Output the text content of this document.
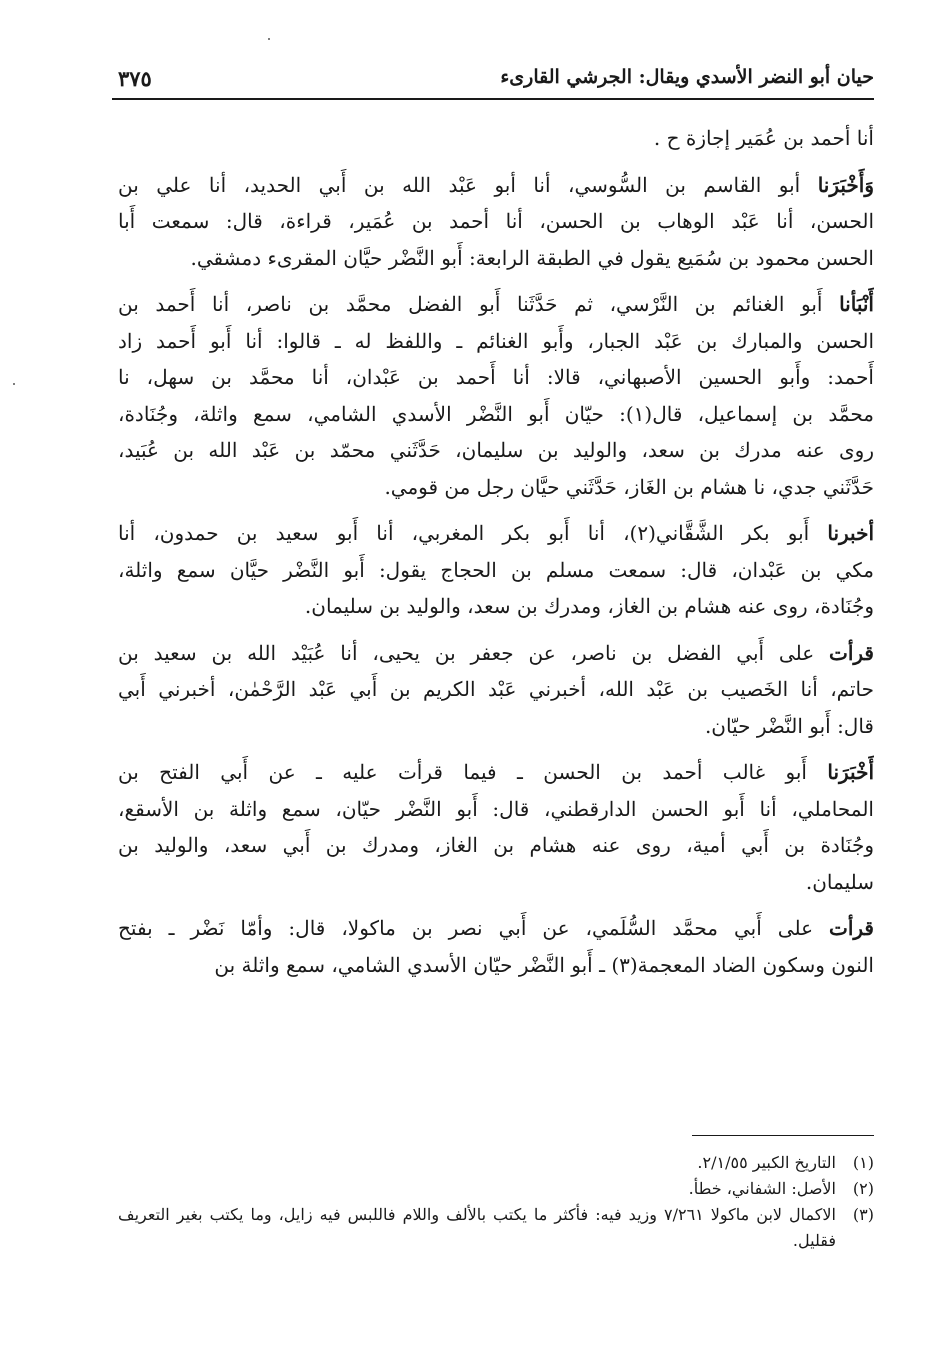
حيان أبو النضر الأسدي ويقال: الجرشي القارىء
٣٧٥
أنا أحمد بن عُمَير إجازة ح .
وَأَخْبَرَنا أبو القاسم بن السُّوسي، أنا أبو عَبْد الله بن أَبي الحديد، أنا علي بن
الحسن، أنا عَبْد الوهاب بن الحسن، أنا أحمد بن عُمَير، قراءة، قال: سمعت أَبا
الحسن محمود بن سُمَيع يقول في الطبقة الرابعة: أَبو النَّضْر حيَّان المقرىء دمشقي.
أَنْبَأنا أَبو الغنائم بن النَّرْسي، ثم حَدَّثَنا أَبو الفضل محمَّد بن ناصر، أنا أَحمد بن
الحسن والمبارك بن عَبْد الجبار، وأَبو الغنائم ـ واللفظ له ـ قالوا: أنا أَبو أَحمد زاد
أَحمد: وأَبو الحسين الأصبهاني، قالا: أنا أَحمد بن عَبْدان، أنا محمَّد بن سهل، نا
محمَّد بن إسماعيل، قال(١): حيّان أَبو النَّضْر الأسدي الشامي، سمع واثلة، وجُنَادة،
روى عنه مدرك بن سعد، والوليد بن سليمان، حَدَّثَني محمّد بن عَبْد الله بن عُبَيد،
حَدَّثَني جدي، نا هشام بن الغَاز، حَدَّثَني حيَّان رجل من قومي.
أخبرنا أَبو بكر الشَّقَّاني(٢)، أنا أَبو بكر المغربي، أنا أَبو سعيد بن حمدون، أنا
مكي بن عَبْدان، قال: سمعت مسلم بن الحجاج يقول: أَبو النَّضْر حيَّان سمع واثلة،
وجُنَادة، روى عنه هشام بن الغاز، ومدرك بن سعد، والوليد بن سليمان.
قرأت على أَبي الفضل بن ناصر، عن جعفر بن يحيى، أنا عُبَيْد الله بن سعيد بن
حاتم، أنا الخَصيب بن عَبْد الله، أخبرني عَبْد الكريم بن أَبي عَبْد الرَّحْمٰن، أخبرني أَبي
قال: أَبو النَّضْر حيّان.
أَخْبَرَنا أَبو غالب أحمد بن الحسن ـ فيما قرأت عليه ـ عن أَبي الفتح بن
المحاملي، أنا أَبو الحسن الدارقطني، قال: أَبو النَّضْر حيّان، سمع واثلة بن الأسقع،
وجُنَادة بن أَبي أمية، روى عنه هشام بن الغاز، ومدرك بن أَبي سعد، والوليد بن
سليمان.
قرأت على أَبي محمَّد السُّلَمي، عن أَبي نصر بن ماكولا، قال: وأمّا نَضْر ـ بفتح
النون وسكون الضاد المعجمة(٣) ـ أَبو النَّضْر حيّان الأسدي الشامي، سمع واثلة بن
(١)
التاريخ الكبير ٢/١/٥٥.
(٢)
الأصل: الشفاني، خطأ.
(٣)
الاكمال لابن ماكولا ٧/٢٦١ وزيد فيه: فأكثر ما يكتب بالألف واللام فاللبس فيه زايل، وما يكتب بغير التعريف فقليل.
